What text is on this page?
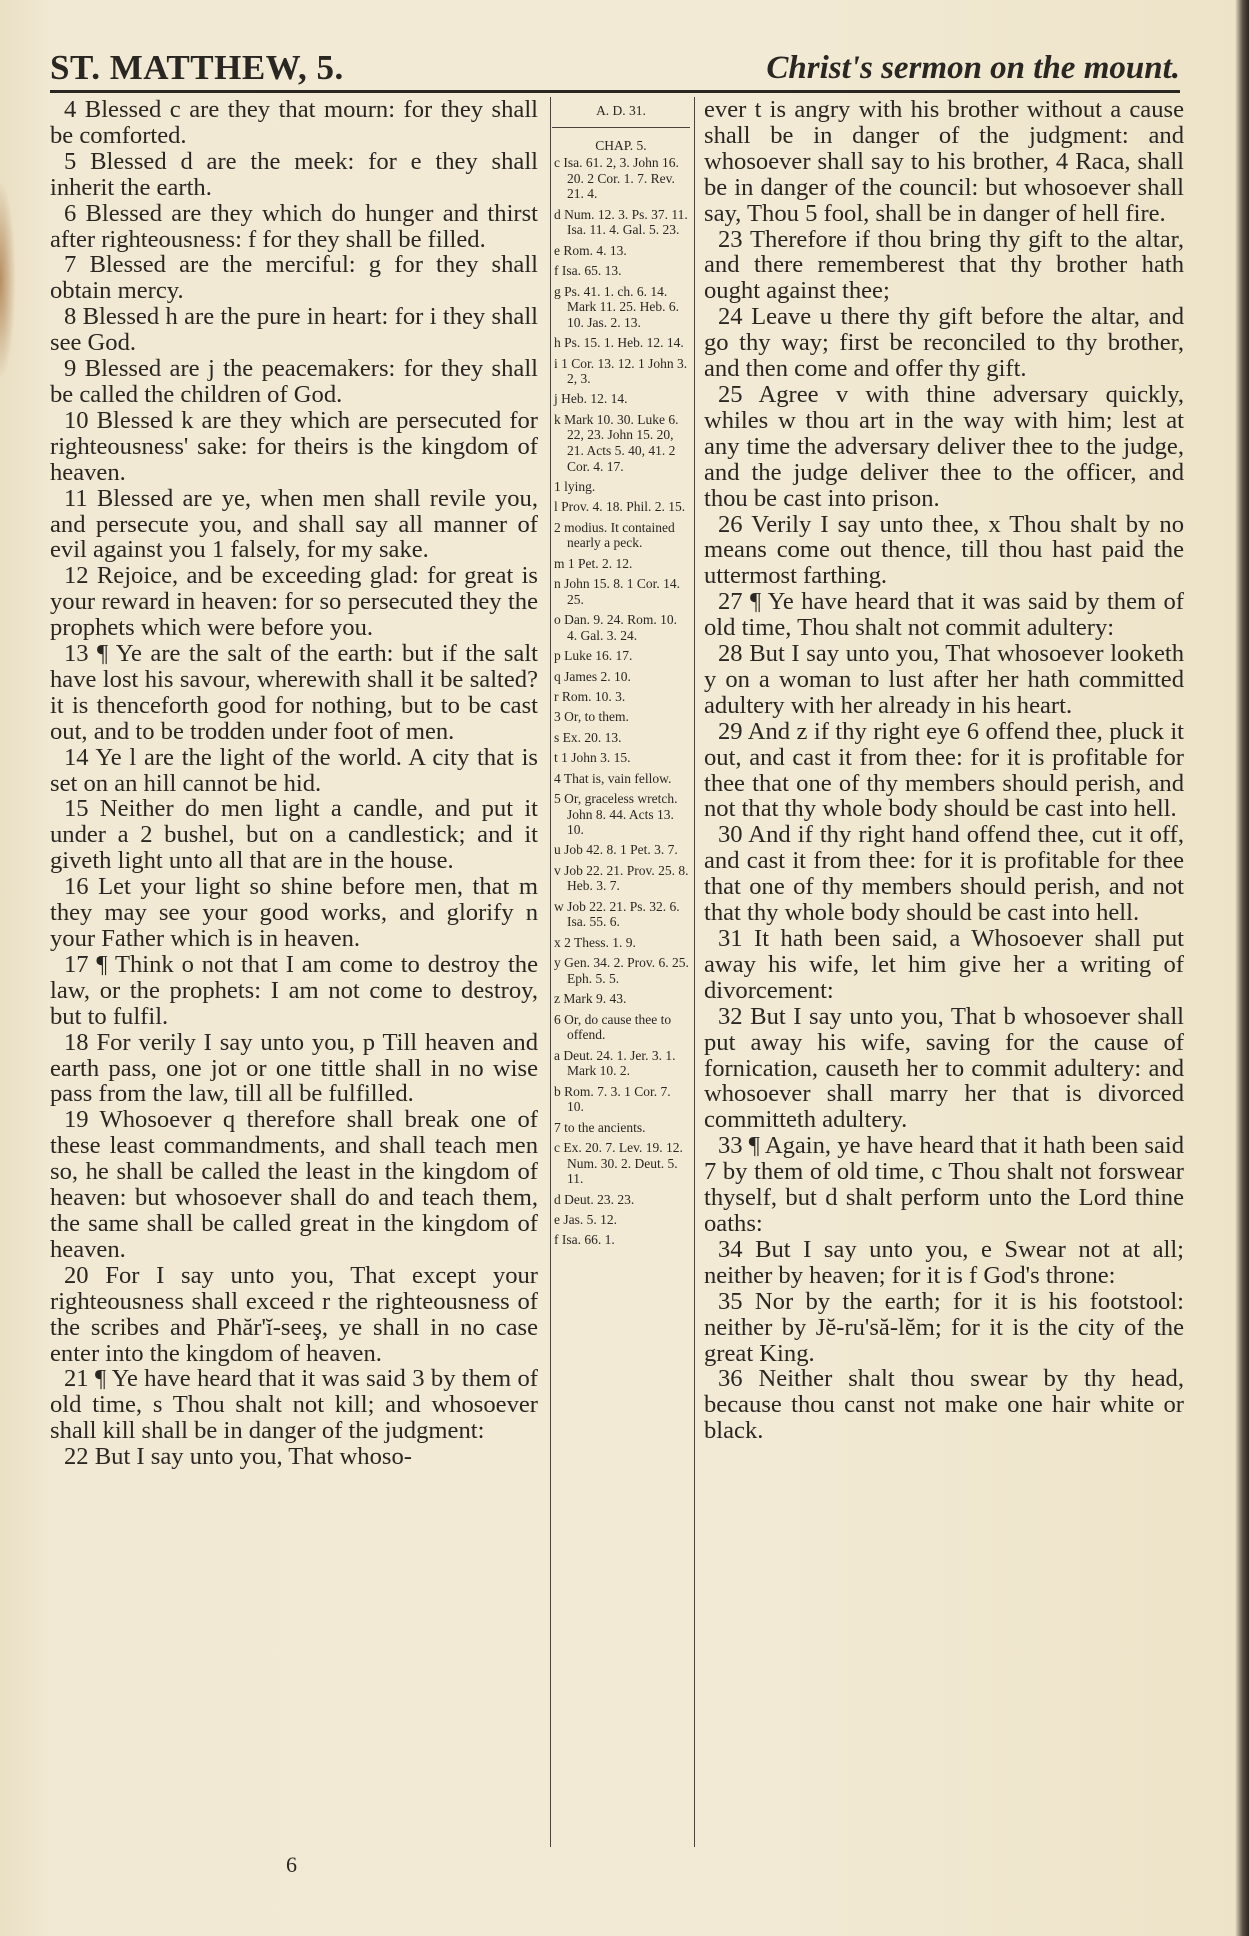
ST. MATTHEW, 5.	Christ's sermon on the mount.

4 Blessed c are they that mourn: for they shall be comforted.

5 Blessed d are the meek: for e they shall inherit the earth.

6 Blessed are they which do hunger and thirst after righteousness: f for they shall be filled.

7 Blessed are the merciful: g for they shall obtain mercy.

8 Blessed h are the pure in heart: for i they shall see God.

9 Blessed are j the peacemakers: for they shall be called the children of God.

10 Blessed k are they which are persecuted for righteousness' sake: for theirs is the kingdom of heaven.

11 Blessed are ye, when men shall revile you, and persecute you, and shall say all manner of evil against you 1 falsely, for my sake.

12 Rejoice, and be exceeding glad: for great is your reward in heaven: for so persecuted they the prophets which were before you.

13 ¶ Ye are the salt of the earth: but if the salt have lost his savour, wherewith shall it be salted? it is thenceforth good for nothing, but to be cast out, and to be trodden under foot of men.

14 Ye l are the light of the world. A city that is set on an hill cannot be hid.

15 Neither do men light a candle, and put it under a 2 bushel, but on a candlestick; and it giveth light unto all that are in the house.

16 Let your light so shine before men, that m they may see your good works, and glorify n your Father which is in heaven.

17 ¶ Think o not that I am come to destroy the law, or the prophets: I am not come to destroy, but to fulfil.

18 For verily I say unto you, p Till heaven and earth pass, one jot or one tittle shall in no wise pass from the law, till all be fulfilled.

19 Whosoever q therefore shall break one of these least commandments, and shall teach men so, he shall be called the least in the kingdom of heaven: but whosoever shall do and teach them, the same shall be called great in the kingdom of heaven.

20 For I say unto you, That except your righteousness shall exceed r the righteousness of the scribes and Phăr'ĭ-seeş, ye shall in no case enter into the kingdom of heaven.

21 ¶ Ye have heard that it was said 3 by them of old time, s Thou shalt not kill; and whosoever shall kill shall be in danger of the judgment:

22 But I say unto you, That whoso-

A. D. 31.

CHAP. 5.

c Isa. 61. 2, 3. John 16. 20. 2 Cor. 1. 7. Rev. 21. 4.

d Num. 12. 3. Ps. 37. 11. Isa. 11. 4. Gal. 5. 23.

e Rom. 4. 13.

f Isa. 65. 13.

g Ps. 41. 1. ch. 6. 14. Mark 11. 25. Heb. 6. 10. Jas. 2. 13.

h Ps. 15. 1. Heb. 12. 14.

i 1 Cor. 13. 12. 1 John 3. 2, 3.

j Heb. 12. 14.

k Mark 10. 30. Luke 6. 22, 23. John 15. 20, 21. Acts 5. 40, 41. 2 Cor. 4. 17.

1 lying.

l Prov. 4. 18. Phil. 2. 15.

2 modius. It contained nearly a peck.

m 1 Pet. 2. 12.

n John 15. 8. 1 Cor. 14. 25.

o Dan. 9. 24. Rom. 10. 4. Gal. 3. 24.

p Luke 16. 17.

q James 2. 10.

r Rom. 10. 3.

3 Or, to them.

s Ex. 20. 13.

t 1 John 3. 15.

4 That is, vain fellow.

5 Or, graceless wretch. John 8. 44. Acts 13. 10.

u Job 42. 8. 1 Pet. 3. 7.

v Job 22. 21. Prov. 25. 8. Heb. 3. 7.

w Job 22. 21. Ps. 32. 6. Isa. 55. 6.

x 2 Thess. 1. 9.

y Gen. 34. 2. Prov. 6. 25. Eph. 5. 5.

z Mark 9. 43.

6 Or, do cause thee to offend.

a Deut. 24. 1. Jer. 3. 1. Mark 10. 2.

b Rom. 7. 3. 1 Cor. 7. 10.

7 to the ancients.

c Ex. 20. 7. Lev. 19. 12. Num. 30. 2. Deut. 5. 11.

d Deut. 23. 23.

e Jas. 5. 12.

f Isa. 66. 1.

ever t is angry with his brother without a cause shall be in danger of the judgment: and whosoever shall say to his brother, 4 Raca, shall be in danger of the council: but whosoever shall say, Thou 5 fool, shall be in danger of hell fire.

23 Therefore if thou bring thy gift to the altar, and there rememberest that thy brother hath ought against thee;

24 Leave u there thy gift before the altar, and go thy way; first be reconciled to thy brother, and then come and offer thy gift.

25 Agree v with thine adversary quickly, whiles w thou art in the way with him; lest at any time the adversary deliver thee to the judge, and the judge deliver thee to the officer, and thou be cast into prison.

26 Verily I say unto thee, x Thou shalt by no means come out thence, till thou hast paid the uttermost farthing.

27 ¶ Ye have heard that it was said by them of old time, Thou shalt not commit adultery:

28 But I say unto you, That whosoever looketh y on a woman to lust after her hath committed adultery with her already in his heart.

29 And z if thy right eye 6 offend thee, pluck it out, and cast it from thee: for it is profitable for thee that one of thy members should perish, and not that thy whole body should be cast into hell.

30 And if thy right hand offend thee, cut it off, and cast it from thee: for it is profitable for thee that one of thy members should perish, and not that thy whole body should be cast into hell.

31 It hath been said, a Whosoever shall put away his wife, let him give her a writing of divorcement:

32 But I say unto you, That b whosoever shall put away his wife, saving for the cause of fornication, causeth her to commit adultery: and whosoever shall marry her that is divorced committeth adultery.

33 ¶ Again, ye have heard that it hath been said 7 by them of old time, c Thou shalt not forswear thyself, but d shalt perform unto the Lord thine oaths:

34 But I say unto you, e Swear not at all; neither by heaven; for it is f God's throne:

35 Nor by the earth; for it is his footstool: neither by Jĕ-ru'să-lĕm; for it is the city of the great King.

36 Neither shalt thou swear by thy head, because thou canst not make one hair white or black.

6
